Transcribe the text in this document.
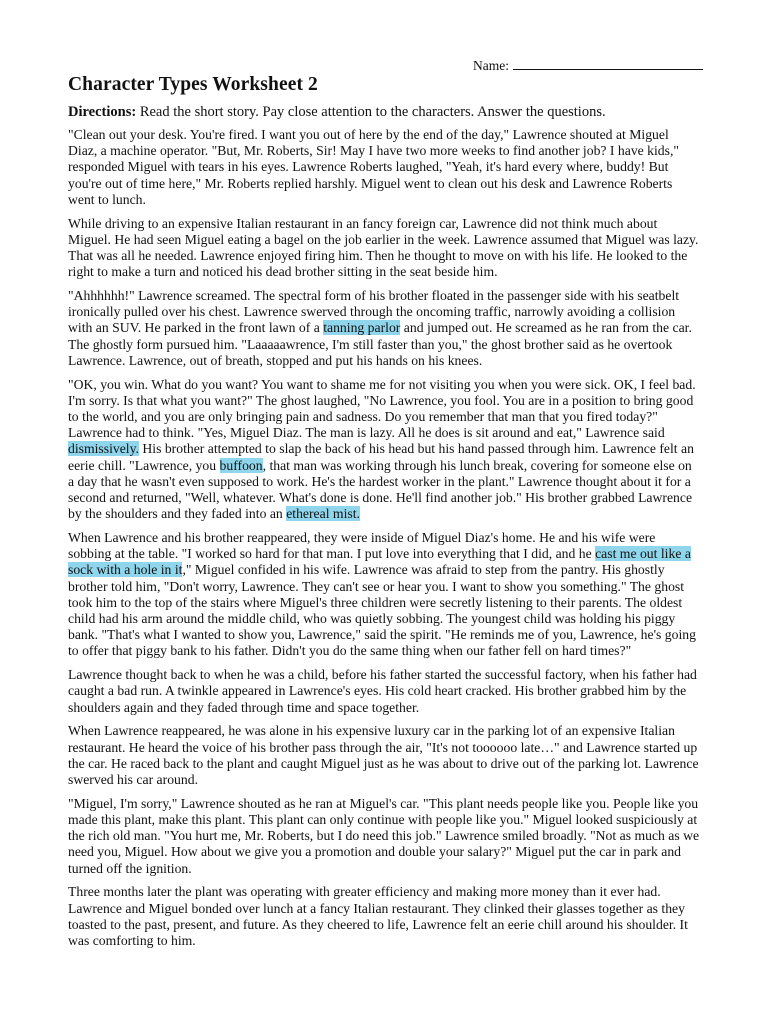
Name:
Character Types Worksheet 2

Directions: Read the short story. Pay close attention to the characters. Answer the questions.

"Clean out your desk. You're fired. I want you out of here by the end of the day," Lawrence shouted at Miguel Diaz, a machine operator. "But, Mr. Roberts, Sir! May I have two more weeks to find another job? I have kids," responded Miguel with tears in his eyes. Lawrence Roberts laughed, "Yeah, it's hard every where, buddy! But you're out of time here," Mr. Roberts replied harshly. Miguel went to clean out his desk and Lawrence Roberts went to lunch.

While driving to an expensive Italian restaurant in an fancy foreign car, Lawrence did not think much about Miguel. He had seen Miguel eating a bagel on the job earlier in the week. Lawrence assumed that Miguel was lazy. That was all he needed. Lawrence enjoyed firing him. Then he thought to move on with his life. He looked to the right to make a turn and noticed his dead brother sitting in the seat beside him.

"Ahhhhhh!" Lawrence screamed. The spectral form of his brother floated in the passenger side with his seatbelt ironically pulled over his chest. Lawrence swerved through the oncoming traffic, narrowly avoiding a collision with an SUV. He parked in the front lawn of a tanning parlor and jumped out. He screamed as he ran from the car. The ghostly form pursued him. "Laaaaawrence, I'm still faster than you," the ghost brother said as he overtook Lawrence. Lawrence, out of breath, stopped and put his hands on his knees.

"OK, you win. What do you want? You want to shame me for not visiting you when you were sick. OK, I feel bad. I'm sorry. Is that what you want?" The ghost laughed, "No Lawrence, you fool. You are in a position to bring good to the world, and you are only bringing pain and sadness. Do you remember that man that you fired today?" Lawrence had to think. "Yes, Miguel Diaz. The man is lazy. All he does is sit around and eat," Lawrence said dismissively. His brother attempted to slap the back of his head but his hand passed through him. Lawrence felt an eerie chill. "Lawrence, you buffoon, that man was working through his lunch break, covering for someone else on a day that he wasn't even supposed to work. He's the hardest worker in the plant." Lawrence thought about it for a second and returned, "Well, whatever. What's done is done. He'll find another job." His brother grabbed Lawrence by the shoulders and they faded into an ethereal mist.

When Lawrence and his brother reappeared, they were inside of Miguel Diaz's home. He and his wife were sobbing at the table. "I worked so hard for that man. I put love into everything that I did, and he cast me out like a sock with a hole in it," Miguel confided in his wife. Lawrence was afraid to step from the pantry. His ghostly brother told him, "Don't worry, Lawrence. They can't see or hear you. I want to show you something." The ghost took him to the top of the stairs where Miguel's three children were secretly listening to their parents. The oldest child had his arm around the middle child, who was quietly sobbing. The youngest child was holding his piggy bank. "That's what I wanted to show you, Lawrence," said the spirit. "He reminds me of you, Lawrence, he's going to offer that piggy bank to his father. Didn't you do the same thing when our father fell on hard times?"

Lawrence thought back to when he was a child, before his father started the successful factory, when his father had caught a bad run. A twinkle appeared in Lawrence's eyes. His cold heart cracked. His brother grabbed him by the shoulders again and they faded through time and space together.

When Lawrence reappeared, he was alone in his expensive luxury car in the parking lot of an expensive Italian restaurant. He heard the voice of his brother pass through the air, "It's not toooooo late…" and Lawrence started up the car. He raced back to the plant and caught Miguel just as he was about to drive out of the parking lot. Lawrence swerved his car around.

"Miguel, I'm sorry," Lawrence shouted as he ran at Miguel's car. "This plant needs people like you. People like you made this plant, make this plant. This plant can only continue with people like you." Miguel looked suspiciously at the rich old man. "You hurt me, Mr. Roberts, but I do need this job." Lawrence smiled broadly. "Not as much as we need you, Miguel. How about we give you a promotion and double your salary?" Miguel put the car in park and turned off the ignition.

Three months later the plant was operating with greater efficiency and making more money than it ever had. Lawrence and Miguel bonded over lunch at a fancy Italian restaurant. They clinked their glasses together as they toasted to the past, present, and future. As they cheered to life, Lawrence felt an eerie chill around his shoulder. It was comforting to him.
